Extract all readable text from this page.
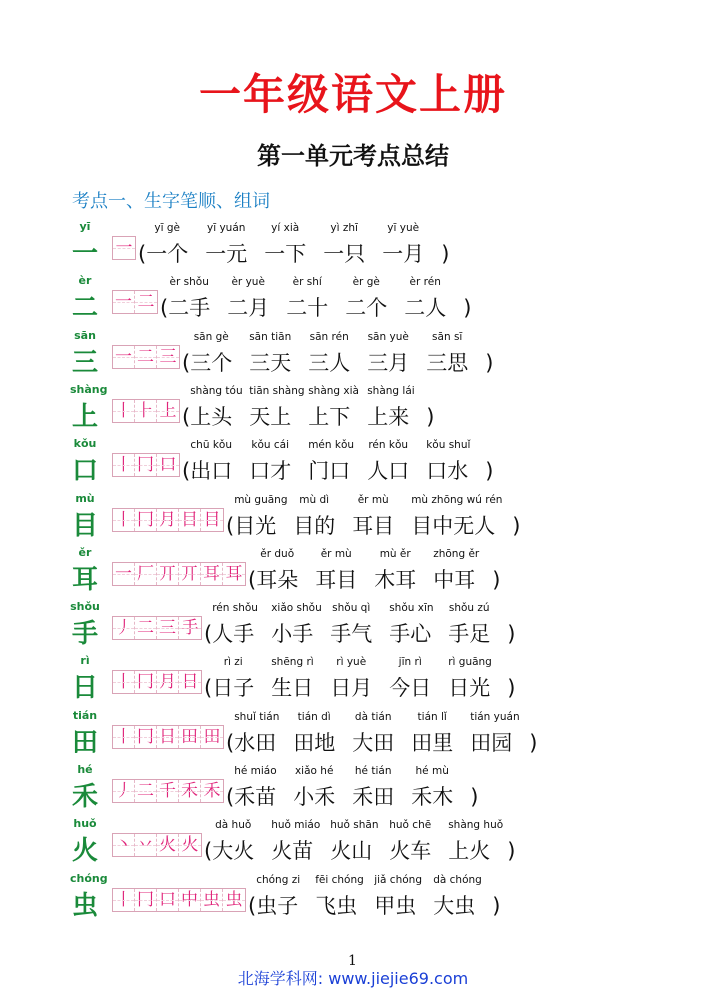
一年级语文上册
第一单元考点总结
考点一、生字笔顺、组词
yī
一 一 (
yī gè
一个
yī yuán
一元
yí xià
一下
yì zhī
一只
yī yuè
一月 )
èr
二 一 二 (
èr shǒu
二手
èr yuè
二月
èr shí
二十
èr gè
二个
èr rén
二人 )
sān
三 一 二 三 (
sān gè
三个
sān tiān
三天
sān rén
三人
sān yuè
三月
sān sī
三思 )
shàng
上 丨 ⺊ 上 (
shàng tóu
上头
tiān shàng
天上
shàng xià
上下
shàng lái
上来 )
kǒu
口 丨 冂 口 (
chū kǒu
出口
kǒu cái
口才
mén kǒu
门口
rén kǒu
人口
kǒu shuǐ
口水 )
mù
目 丨 冂 月 目 目 (
mù guāng
目光
mù dì
目的
ěr mù
耳目
mù zhōng wú rén
目中无人 )
ěr
耳 一 厂 丌 丌 耳 耳 (
ěr duǒ
耳朵
ěr mù
耳目
mù ěr
木耳
zhōng ěr
中耳 )
shǒu
手 丿 二 三 手 (
rén shǒu
人手
xiǎo shǒu
小手
shǒu qì
手气
shǒu xīn
手心
shǒu zú
手足 )
rì
日 丨 冂 月 日 (
rì zi
日子
shēng rì
生日
rì yuè
日月
jīn rì
今日
rì guāng
日光 )
tián
田 丨 冂 日 田 田 (
shuǐ tián
水田
tián dì
田地
dà tián
大田
tián lǐ
田里
tián yuán
田园 )
hé
禾 丿 二 千 禾 禾 (
hé miáo
禾苗
xiǎo hé
小禾
hé tián
禾田
hé mù
禾木 )
huǒ
火 丶 丷 火 火 (
dà huǒ
大火
huǒ miáo
火苗
huǒ shān
火山
huǒ chē
火车
shàng huǒ
上火 )
chóng
虫 丨 冂 口 中 虫 虫 (
chóng zi
虫子
fēi chóng
飞虫
jiǎ chóng
甲虫
dà chóng
大虫 )
1
北海学科网: www.jiejie69.com
